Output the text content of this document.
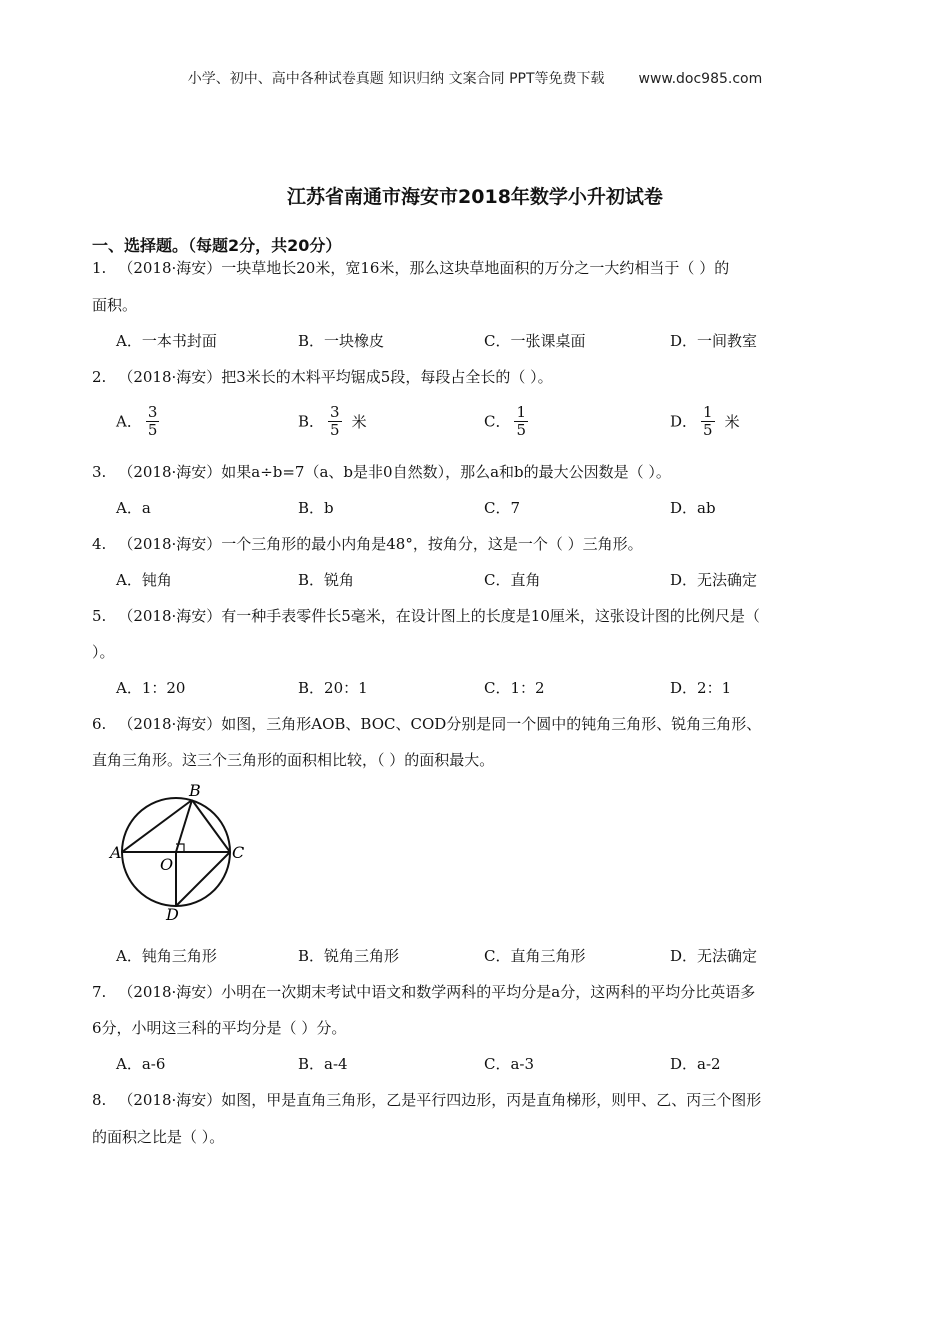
小学、初中、高中各种试卷真题 知识归纳 文案合同 PPT等免费下载 www.doc985.com
江苏省南通市海安市2018年数学小升初试卷
一、选择题。（每题2分，共20分）
1. （2018·海安）一块草地长20米，宽16米，那么这块草地面积的万分之一大约相当于（ ）的
面积。
A．一本书封面	B．一块橡皮	C．一张课桌面	D．一间教室
2. （2018·海安）把3米长的木料平均锯成5段，每段占全长的（ ）。
A． $\frac{3}{5}$	B． $\frac{3}{5}$ 米	C． $\frac{1}{5}$	D． $\frac{1}{5}$ 米
3. （2018·海安）如果a÷b=7（a、b是非0自然数），那么a和b的最大公因数是（ ）。
A．a	B．b	C．7	D．ab
4. （2018·海安）一个三角形的最小内角是48°，按角分，这是一个（ ）三角形。
A．钝角	B．锐角	C．直角	D．无法确定
5. （2018·海安）有一种手表零件长5毫米，在设计图上的长度是10厘米，这张设计图的比例尺是（
）。
A．1：20	B．20：1	C．1：2	D．2：1
6. （2018·海安）如图，三角形AOB、BOC、COD分别是同一个圆中的钝角三角形、锐角三角形、
直角三角形。这三个三角形的面积相比较，（ ）的面积最大。
A
B
C
O
D
A．钝角三角形	B．锐角三角形	C．直角三角形	D．无法确定
7. （2018·海安）小明在一次期末考试中语文和数学两科的平均分是a分，这两科的平均分比英语多
6分，小明这三科的平均分是（ ）分。
A．a-6	B．a-4	C．a-3	D．a-2
8. （2018·海安）如图，甲是直角三角形，乙是平行四边形，丙是直角梯形，则甲、乙、丙三个图形
的面积之比是（ ）。
